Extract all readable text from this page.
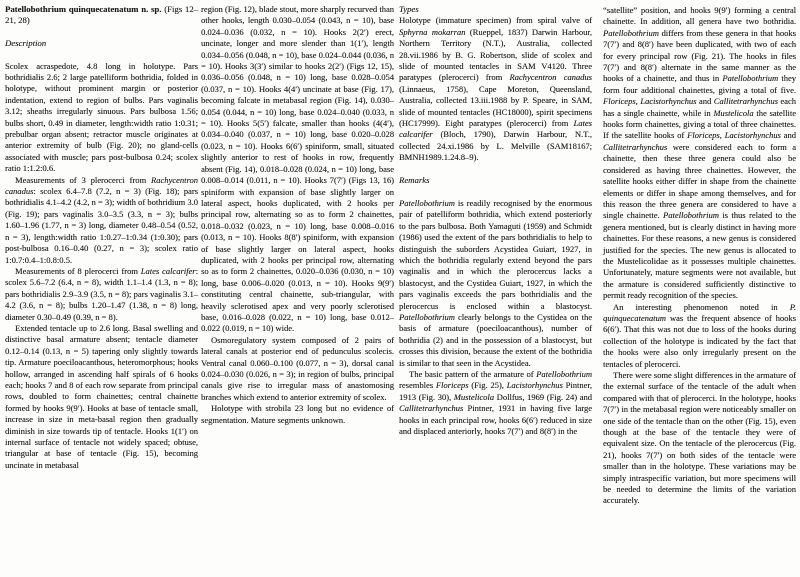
Patellobothrium quinquecatenatum n. sp. (Figs 12–21, 28)
Description

Scolex acraspedote, 4.8 long in holotype. Pars bothridialis 2.6; 2 large patelliform bothridia, folded in holotype, without prominent margin or posterior indentation, extend to region of bulbs. Pars vaginalis 3.12; sheaths irregularly sinuous. Pars bulbosa 1.56; bulbs short, 0.49 in diameter, length:width ratio 1:0.31; prebulbar organ absent; retractor muscle originates at anterior extremity of bulb (Fig. 20); no gland-cells associated with muscle; pars post-bulbosa 0.24; scolex ratio 1:1.2:0.6.

Measurements of 3 plerocerci from Rachycentron canadus: scolex 6.4–7.8 (7.2, n = 3) (Fig. 18); pars bothridialis 4.1–4.2 (4.2, n = 3); width of bothridium 3.0 (Fig. 19); pars vaginalis 3.0–3.5 (3.3, n = 3); bulbs 1.60–1.96 (1.77, n = 3) long, diameter 0.48–0.54 (0.52, n = 3), length:width ratio 1:0.27–1:0.34 (1:0.30); pars post-bulbosa 0.16–0.40 (0.27, n = 3); scolex ratio 1:0.7:0.4–1:0.8:0.5.

Measurements of 8 plerocerci from Lates calcarifer: scolex 5.6–7.2 (6.4, n = 8), width 1.1–1.4 (1.3, n = 8); pars bothridialis 2.9–3.9 (3.5, n = 8); pars vaginalis 3.1–4.2 (3.6, n = 8); bulbs 1.20–1.47 (1.38, n = 8) long, diameter 0.30–0.49 (0.39, n = 8).

Extended tentacle up to 2.6 long. Basal swelling and distinctive basal armature absent; tentacle diameter 0.12–0.14 (0.13, n = 5) tapering only slightly towards tip. Armature poeciloacanthous, heteromorphous; hooks hollow, arranged in ascending half spirals of 6 hooks each; hooks 7 and 8 of each row separate from principal rows, doubled to form chainettes; central chainette formed by hooks 9(9′). Hooks at base of tentacle small, increase in size in meta-basal region then gradually diminish in size towards tip of tentacle. Hooks 1(1′) on internal surface of tentacle not widely spaced; obtuse, triangular at base of tentacle (Fig. 15), becoming uncinate in metabasal

region (Fig. 12), blade stout, more sharply recurved than other hooks, length 0.030–0.054 (0.043, n = 10), base 0.024–0.036 (0.032, n = 10). Hooks 2(2′) erect, uncinate, longer and more slender than 1(1′), length 0.034–0.056 (0.048, n = 10), base 0.024–0.044 (0.036, n = 10). Hooks 3(3′) similar to hooks 2(2′) (Figs 12, 15), 0.036–0.056 (0.048, n = 10) long, base 0.028–0.054 (0.037, n = 10). Hooks 4(4′) uncinate at base (Fig. 17), becoming falcate in metabasal region (Fig. 14), 0.030–0.054 (0.044, n = 10) long, base 0.024–0.040 (0.033, n = 10). Hooks 5(5′) falcate, smaller than hooks (4(4′), 0.034–0.040 (0.037, n = 10) long, base 0.020–0.028 (0.023, n = 10). Hooks 6(6′) spiniform, small, situated slightly anterior to rest of hooks in row, frequently absent (Fig. 14), 0.018–0.028 (0.024, n = 10) long, base 0.008–0.014 (0.011, n = 10). Hooks 7(7′) (Figs 13, 16) spiniform with expansion of base slightly larger on lateral aspect, hooks duplicated, with 2 hooks per principal row, alternating so as to form 2 chainettes, 0.018–0.032 (0.023, n = 10) long, base 0.008–0.016 (0.013, n = 10). Hooks 8(8′) spiniform, with expansion of base slightly larger on lateral aspect, hooks duplicated, with 2 hooks per principal row, alternating so as to form 2 chainettes, 0.020–0.036 (0.030, n = 10) long, base 0.006–0.020 (0.013, n = 10). Hooks 9(9′) constituting central chainette, sub-triangular, with heavily sclerotised apex and very poorly sclerotised base, 0.016–0.028 (0.022, n = 10) long, base 0.012–0.022 (0.019, n = 10) wide.

Osmoregulatory system composed of 2 pairs of lateral canals at posterior end of pedunculus scolecis. Ventral canal 0.060–0.100 (0.077, n = 3), dorsal canal 0.024–0.030 (0.026, n = 3); in region of bulbs, principal canals give rise to irregular mass of anastomosing branches which extend to anterior extremity of scolex.

Holotype with strobila 23 long but no evidence of segmentation. Mature segments unknown.

Types

Holotype (immature specimen) from spiral valve of Sphyrna mokarran (Rueppel, 1837) Darwin Harbour, Northern Territory (N.T.), Australia, collected 28.vii.1986 by B. G. Robertson, slide of scolex and slide of mounted tentacles in SAM V4120. Three paratypes (plerocerci) from Rachycentron canadus (Linnaeus, 1758), Cape Moreton, Queensland, Australia, collected 13.iii.1988 by P. Speare, in SAM, slide of mounted tentacles (HC18000), spirit specimens (HC17999). Eight paratypes (plerocerci) from Lates calcarifer (Bloch, 1790), Darwin Harbour, N.T., collected 24.xi.1986 by L. Melville (SAM18167; BMNH1989.1.24.8–9).

Remarks

Patellobothrium is readily recognised by the enormous pair of patelliform bothridia, which extend posteriorly to the pars bulbosa. Both Yamaguti (1959) and Schmidt (1986) used the extent of the pars bothridialis to help to distinguish the suborders Acystidea Guiart, 1927, in which the bothridia regularly extend beyond the pars vaginalis and in which the plerocercus lacks a blastocyst, and the Cystidea Guiart, 1927, in which the pars vaginalis exceeds the pars bothridialis and the plerocercus is enclosed within a blastocyst. Patellobothrium clearly belongs to the Cystidea on the basis of armature (poeciloacanthous), number of bothridia (2) and in the possession of a blastocyst, but crosses this division, because the extent of the bothridia is similar to that seen in the Acystidea.

The basic pattern of the armature of Patellobothrium resembles Floriceps (Fig. 25), Lacistorhynchus Pintner, 1913 (Fig. 30), Mustelicola Dollfus, 1969 (Fig. 24) and Callitetrarhynchus Pintner, 1931 in having five large hooks in each principal row, hooks 6(6′) reduced in size and displaced anteriorly, hooks 7(7′) and 8(8′) in the

“satellite” position, and hooks 9(9′) forming a central chainette. In addition, all genera have two bothridia. Patellobothrium differs from these genera in that hooks 7(7′) and 8(8′) have been duplicated, with two of each for every principal row (Fig. 21). The hooks in files 7(7′) and 8(8′) alternate in the same manner as the hooks of a chainette, and thus in Patellobothrium they form four additional chainettes, giving a total of five. Floriceps, Lacistorhynchus and Callitetrarhynchus each has a single chainette, while in Mustelicola the satellite hooks form chainettes, giving a total of three chainettes. If the satellite hooks of Floriceps, Lacistorhynchus and Callitetrarhynchus were considered each to form a chainette, then these three genera could also be considered as having three chainettes. However, the satellite hooks either differ in shape from the chainette elements or differ in shape among themselves, and for this reason the three genera are considered to have a single chainette. Patellobothrium is thus related to the genera mentioned, but is clearly distinct in having more chainettes. For these reasons, a new genus is considered justified for the species. The new genus is allocated to the Mustelicolidae as it possesses multiple chainettes. Unfortunately, mature segments were not available, but the armature is considered sufficiently distinctive to permit ready recognition of the species.

An interesting phenomenon noted in P. quinquecatenatum was the frequent absence of hooks 6(6′). That this was not due to loss of the hooks during collection of the holotype is indicated by the fact that the hooks were also only irregularly present on the tentacles of plerocerci.

There were some slight differences in the armature of the external surface of the tentacle of the adult when compared with that of plerocerci. In the holotype, hooks 7(7′) in the metabasal region were noticeably smaller on one side of the tentacle than on the other (Fig. 15), even though at the base of the tentacle they were of equivalent size. On the tentacle of the plerocercus (Fig. 21), hooks 7(7′) on both sides of the tentacle were smaller than in the holotype. These variations may be simply intraspecific variation, but more specimens will be needed to determine the limits of the variation accurately.
